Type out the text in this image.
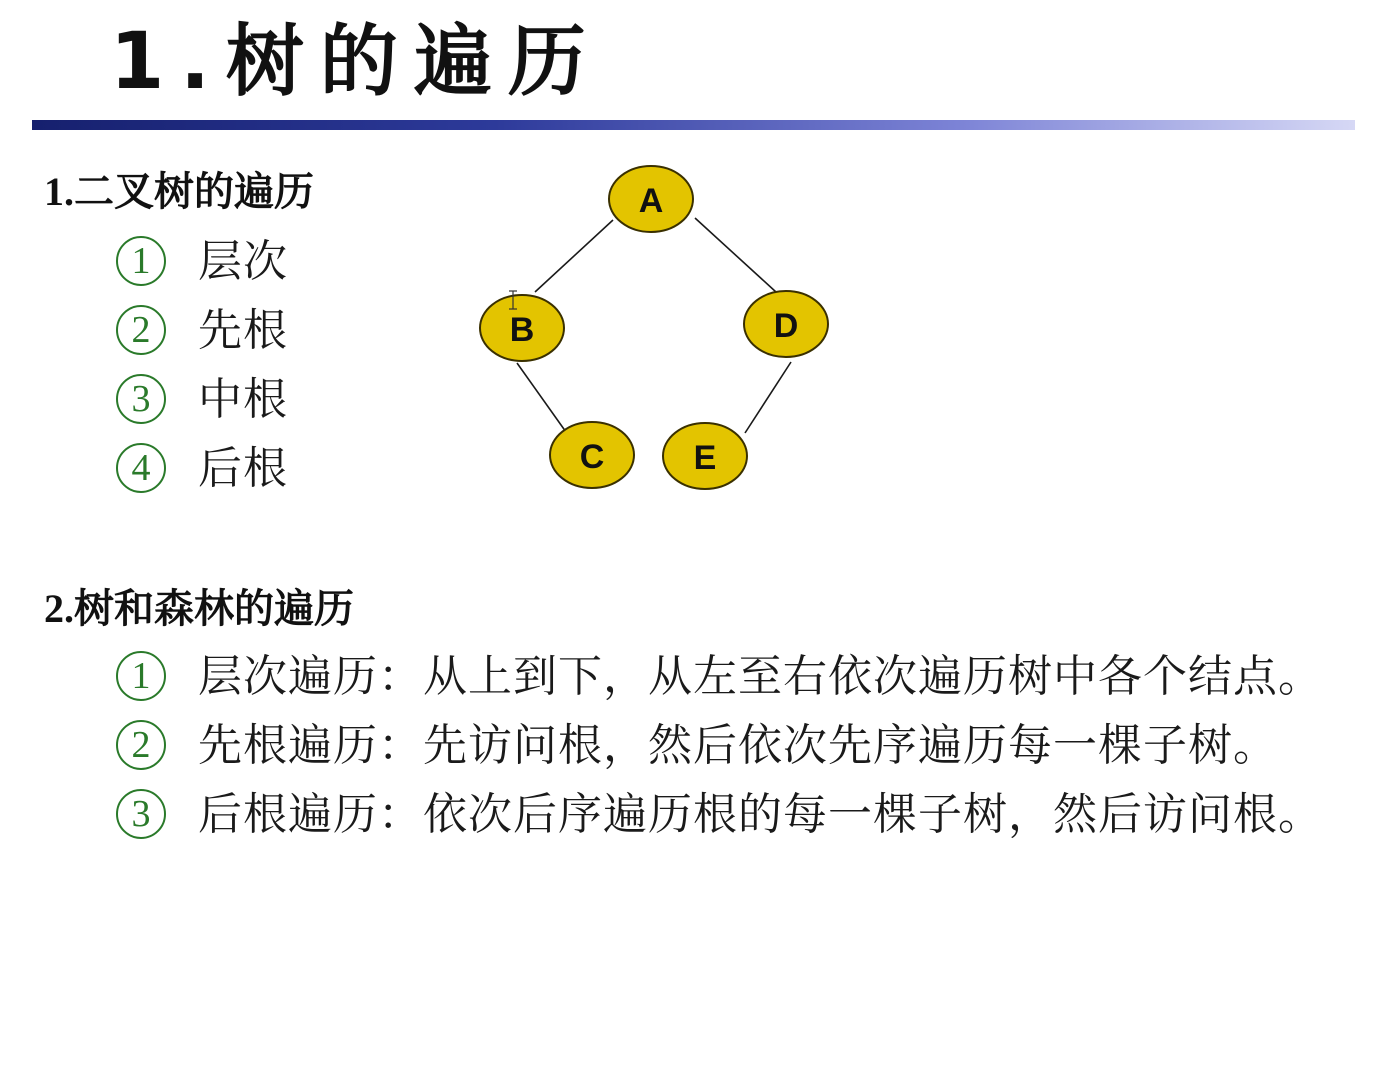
1.树的遍历
1.二叉树的遍历
1 层次
2 先根
3 中根
4 后根
A
B
C
D
E
2.树和森林的遍历
1 层次遍历：从上到下，从左至右依次遍历树中各个结点。
2 先根遍历：先访问根，然后依次先序遍历每一棵子树。
3 后根遍历：依次后序遍历根的每一棵子树，然后访问根。
